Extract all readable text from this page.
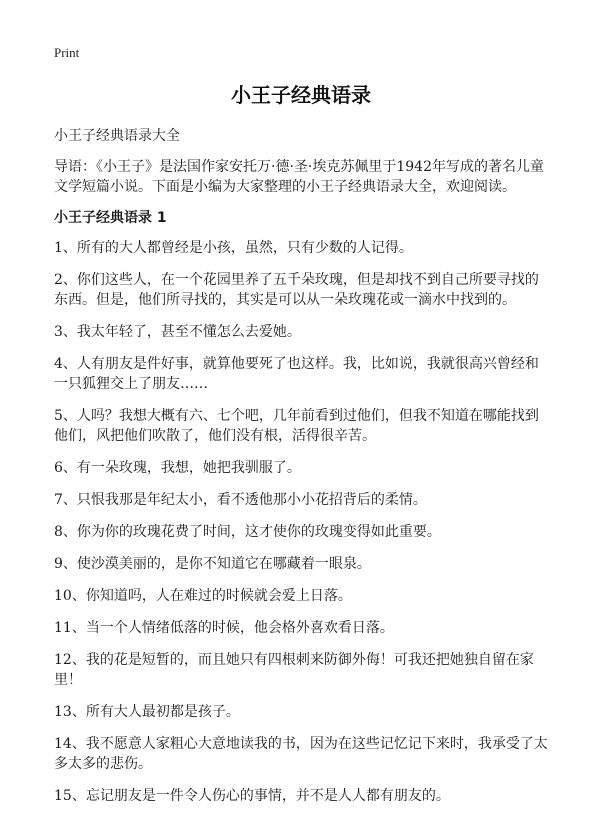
Print
小王子经典语录
小王子经典语录大全

导语：《小王子》是法国作家安托万·德·圣·埃克苏佩里于1942年写成的著名儿童文学短篇小说。下面是小编为大家整理的小王子经典语录大全，欢迎阅读。

小王子经典语录 1
1、所有的大人都曾经是小孩，虽然，只有少数的人记得。
2、你们这些人，在一个花园里养了五千朵玫瑰，但是却找不到自己所要寻找的东西。但是，他们所寻找的，其实是可以从一朵玫瑰花或一滴水中找到的。
3、我太年轻了，甚至不懂怎么去爱她。
4、人有朋友是件好事，就算他要死了也这样。我，比如说，我就很高兴曾经和一只狐狸交上了朋友……
5、人吗？我想大概有六、七个吧，几年前看到过他们，但我不知道在哪能找到他们，风把他们吹散了，他们没有根，活得很辛苦。
6、有一朵玫瑰，我想，她把我驯服了。
7、只恨我那是年纪太小，看不透他那小小花招背后的柔情。
8、你为你的玫瑰花费了时间，这才使你的玫瑰变得如此重要。
9、使沙漠美丽的，是你不知道它在哪藏着一眼泉。
10、你知道吗，人在难过的时候就会爱上日落。
11、当一个人情绪低落的时候，他会格外喜欢看日落。
12、我的花是短暂的，而且她只有四根刺来防御外侮！可我还把她独自留在家里！
13、所有大人最初都是孩子。
14、我不愿意人家粗心大意地读我的书，因为在这些记忆记下来时，我承受了太多太多的悲伤。
15、忘记朋友是一件令人伤心的事情，并不是人人都有朋友的。
